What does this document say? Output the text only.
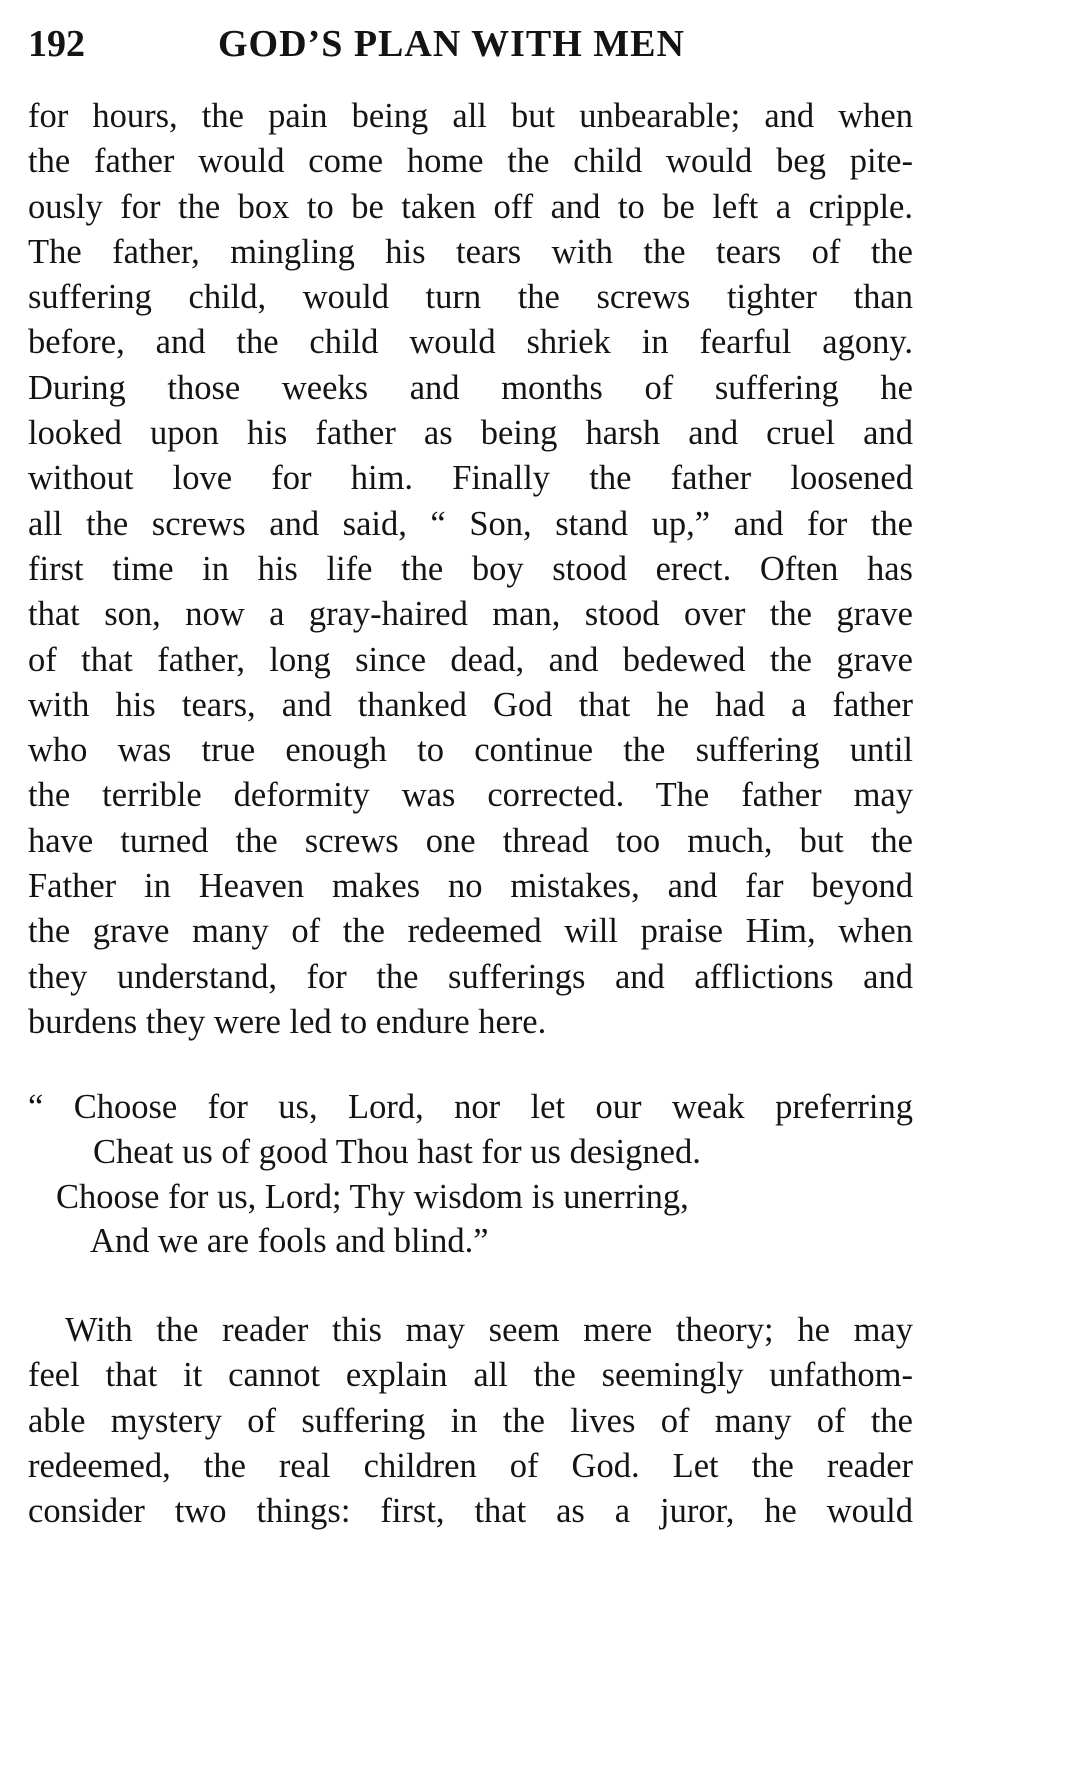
192	GOD’S PLAN WITH MEN
for hours, the pain being all but unbearable; and when
the father would come home the child would beg pite-
ously for the box to be taken off and to be left a cripple.
The father, mingling his tears with the tears of the
suffering child, would turn the screws tighter than
before, and the child would shriek in fearful agony.
During those weeks and months of suffering he
looked upon his father as being harsh and cruel and
without love for him. Finally the father loosened
all the screws and said, “ Son, stand up,” and for the
first time in his life the boy stood erect. Often has
that son, now a gray-haired man, stood over the grave
of that father, long since dead, and bedewed the grave
with his tears, and thanked God that he had a father
who was true enough to continue the suffering until
the terrible deformity was corrected. The father may
have turned the screws one thread too much, but the
Father in Heaven makes no mistakes, and far beyond
the grave many of the redeemed will praise Him, when
they understand, for the sufferings and afflictions and
burdens they were led to endure here.
“ Choose for us, Lord, nor let our weak preferring
Cheat us of good Thou hast for us designed.
Choose for us, Lord; Thy wisdom is unerring,
And we are fools and blind.”
With the reader this may seem mere theory; he may
feel that it cannot explain all the seemingly unfathom-
able mystery of suffering in the lives of many of the
redeemed, the real children of God. Let the reader
consider two things: first, that as a juror, he would
